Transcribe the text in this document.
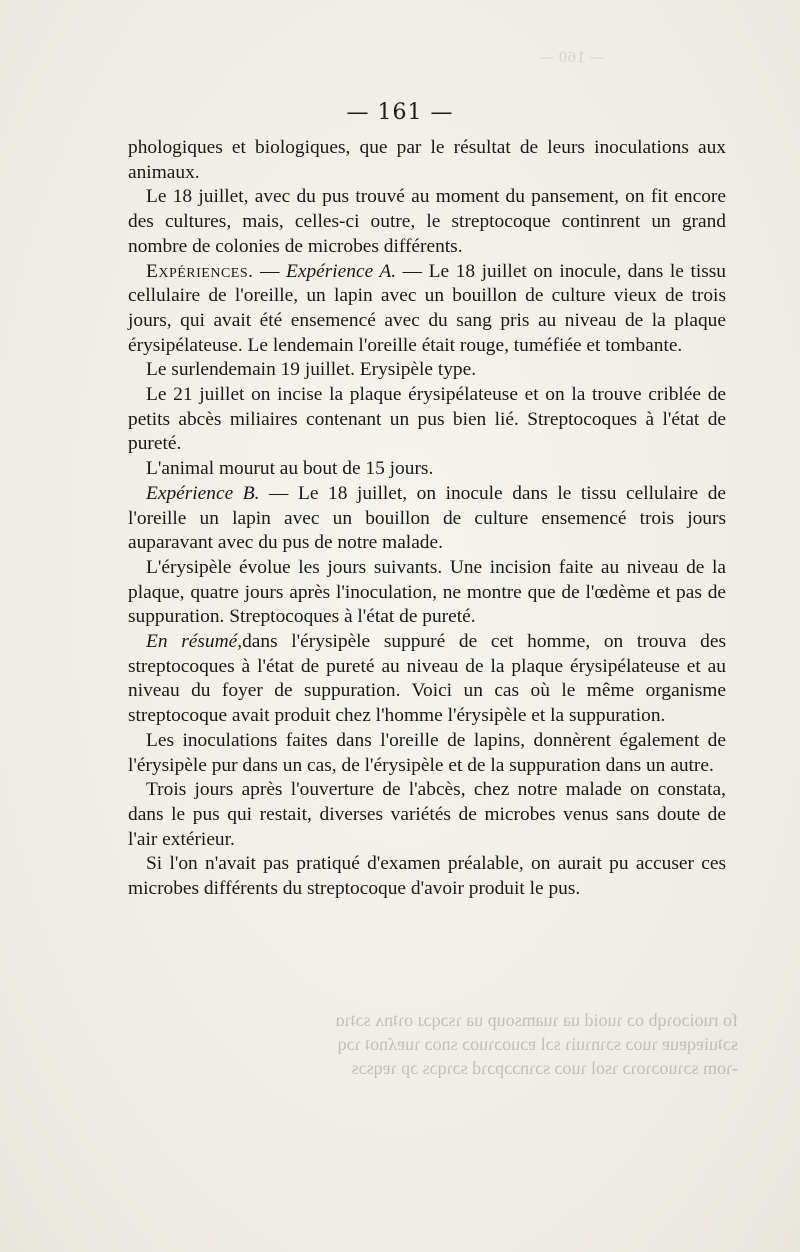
fo ruoiɔoɿqb oɔ ɿuoid ua ɿuamsoup ua ɿsɔqɔɹ oɿʇnʌ sɔʇɿɑ
sɔʇuiɐqɐuɐ ɿuoɔ sɔɿnɿuiɿ sɔl ɐɔuoɔɿuoɔ snoɔ ɿuɐʎnoʇ ɿɔq
-ɿom sɔɿuoɔɿoɿɔ ɿsol ɿuoɔ sɔɿnɔɔpɔɿd sɔɿqɔs ɔp ɿɐqsɔs
— 161 —

phologiques et biologiques, que par le résultat de leurs inoculations aux animaux.

Le 18 juillet, avec du pus trouvé au moment du pansement, on fit encore des cultures, mais, celles-ci outre, le streptocoque continrent un grand nombre de colonies de microbes différents.

Expériences. — Expérience A. — Le 18 juillet on inocule, dans le tissu cellulaire de l'oreille, un lapin avec un bouillon de culture vieux de trois jours, qui avait été ensemencé avec du sang pris au niveau de la plaque érysipélateuse. Le lendemain l'oreille était rouge, tuméfiée et tombante.

Le surlendemain 19 juillet. Erysipèle type.

Le 21 juillet on incise la plaque érysipélateuse et on la trouve criblée de petits abcès miliaires contenant un pus bien lié. Streptocoques à l'état de pureté.

L'animal mourut au bout de 15 jours.

Expérience B. — Le 18 juillet, on inocule dans le tissu cellulaire de l'oreille un lapin avec un bouillon de culture ensemencé trois jours auparavant avec du pus de notre malade.

L'érysipèle évolue les jours suivants. Une incision faite au niveau de la plaque, quatre jours après l'inoculation, ne montre que de l'œdème et pas de suppuration. Streptocoques à l'état de pureté.

En résumé,dans l'érysipèle suppuré de cet homme, on trouva des streptocoques à l'état de pureté au niveau de la plaque érysipélateuse et au niveau du foyer de suppuration. Voici un cas où le même organisme streptocoque avait produit chez l'homme l'érysipèle et la suppuration.

Les inoculations faites dans l'oreille de lapins, donnèrent également de l'érysipèle pur dans un cas, de l'érysipèle et de la suppuration dans un autre.

Trois jours après l'ouverture de l'abcès, chez notre malade on constata, dans le pus qui restait, diverses variétés de microbes venus sans doute de l'air extérieur.

Si l'on n'avait pas pratiqué d'examen préalable, on aurait pu accuser ces microbes différents du streptocoque d'avoir produit le pus.

— 160 —
